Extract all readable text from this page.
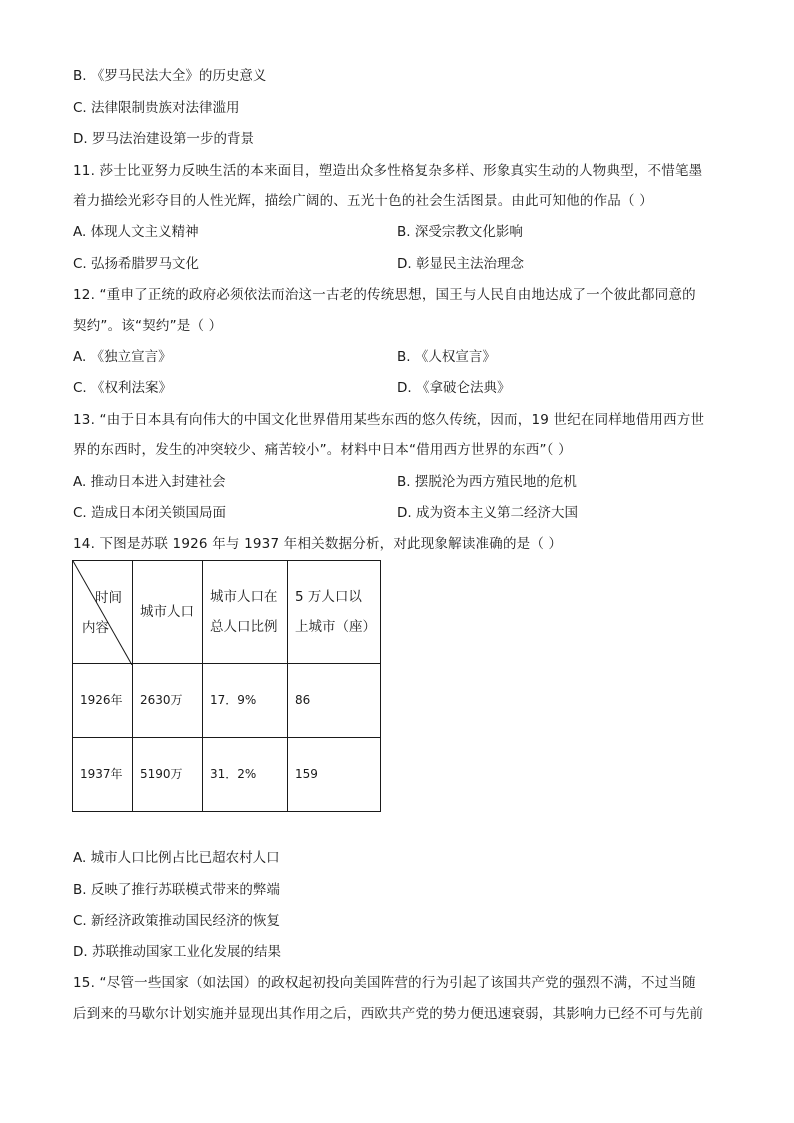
B. 《罗马民法大全》的历史意义
C. 法律限制贵族对法律滥用
D. 罗马法治建设第一步的背景
11. 莎士比亚努力反映生活的本来面目，塑造出众多性格复杂多样、形象真实生动的人物典型，不惜笔墨
着力描绘光彩夺目的人性光辉，描绘广阔的、五光十色的社会生活图景。由此可知他的作品（ ）
A. 体现人文主义精神	B. 深受宗教文化影响
C. 弘扬希腊罗马文化	D. 彰显民主法治理念
12. “重申了正统的政府必须依法而治这一古老的传统思想，国王与人民自由地达成了一个彼此都同意的
契约”。该“契约”是（ ）
A. 《独立宣言》	B. 《人权宣言》
C. 《权利法案》	D. 《拿破仑法典》
13. “由于日本具有向伟大的中国文化世界借用某些东西的悠久传统，因而，19 世纪在同样地借用西方世
界的东西时，发生的冲突较少、痛苦较小”。材料中日本“借用西方世界的东西”（ ）
A. 推动日本进入封建社会	B. 摆脱沦为西方殖民地的危机
C. 造成日本闭关锁国局面	D. 成为资本主义第二经济大国
14. 下图是苏联 1926 年与 1937 年相关数据分析，对此现象解读准确的是（ ）
时间
内容	城市人口	城市人口在总人口比例	5 万人口以上城市（座）
1926年	2630万	17．9%	86
1937年	5190万	31．2%	159
A. 城市人口比例占比已超农村人口
B. 反映了推行苏联模式带来的弊端
C. 新经济政策推动国民经济的恢复
D. 苏联推动国家工业化发展的结果
15. “尽管一些国家（如法国）的政权起初投向美国阵营的行为引起了该国共产党的强烈不满，不过当随
后到来的马歇尔计划实施并显现出其作用之后，西欧共产党的势力便迅速衰弱，其影响力已经不可与先前
